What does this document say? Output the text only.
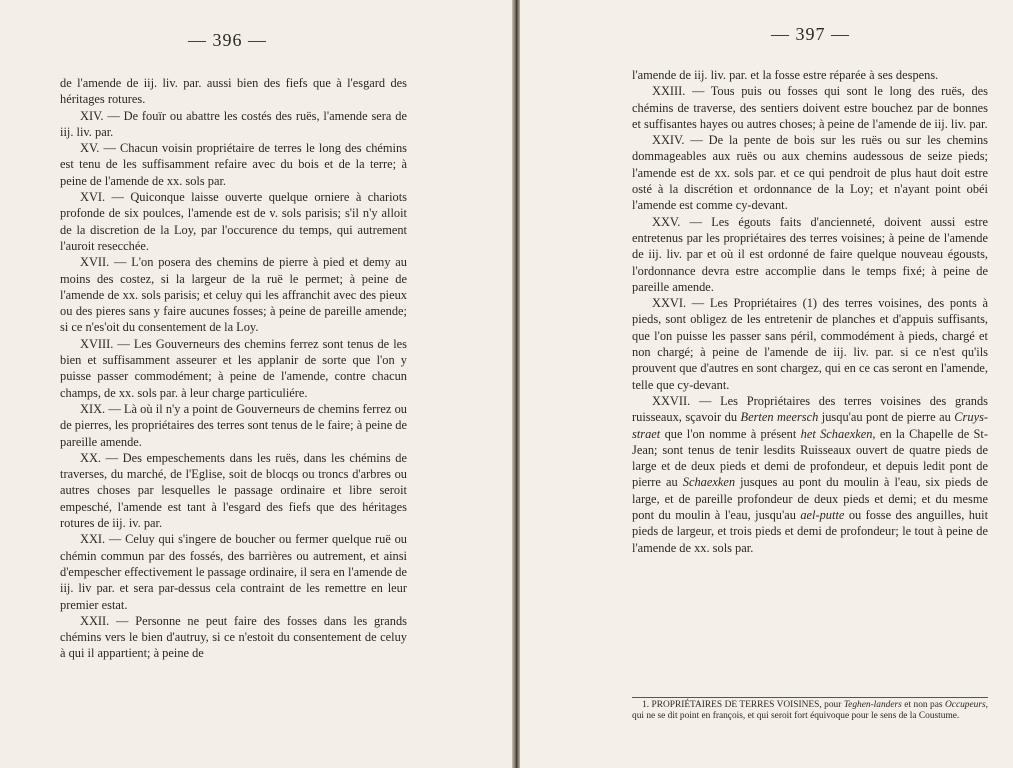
— 396 —

de l'amende de iij. liv. par. aussi bien des fiefs que à l'esgard des héritages rotures.

XIV. — De fouïr ou abattre les costés des ruës, l'amende sera de iij. liv. par.

XV. — Chacun voisin propriétaire de terres le long des chémins est tenu de les suffisamment refaire avec du bois et de la terre; à peine de l'amende de xx. sols par.

XVI. — Quiconque laisse ouverte quelque orniere à chariots profonde de six poulces, l'amende est de v. sols parisis; s'il n'y alloit de la discretion de la Loy, par l'occurence du temps, qui autrement l'auroit resecchée.

XVII. — L'on posera des chemins de pierre à pied et demy au moins des costez, si la largeur de la ruë le permet; à peine de l'amende de xx. sols parisis; et celuy qui les affranchit avec des pieux ou des pieres sans y faire aucunes fosses; à peine de pareille amende; si ce n'es'oit du consentement de la Loy.

XVIII. — Les Gouverneurs des chemins ferrez sont tenus de les bien et suffisamment asseurer et les applanir de sorte que l'on y puisse passer commodément; à peine de l'amende, contre chacun champs, de xx. sols par. à leur charge particuliére.

XIX. — Là où il n'y a point de Gouverneurs de chemins ferrez ou de pierres, les propriétaires des terres sont tenus de le faire; à peine de pareille amende.

XX. — Des empeschements dans les ruës, dans les chémins de traverses, du marché, de l'Eglise, soit de blocqs ou troncs d'arbres ou autres choses par lesquelles le passage ordinaire et libre seroit empesché, l'amende est tant à l'esgard des fiefs que des héritages rotures de iij. iv. par.

XXI. — Celuy qui s'ingere de boucher ou fermer quelque ruë ou chémin commun par des fossés, des barrières ou autrement, et ainsi d'empescher effectivement le passage ordinaire, il sera en l'amende de iij. liv par. et sera par-dessus cela contraint de les remettre en leur premier estat.

XXII. — Personne ne peut faire des fosses dans les grands chémins vers le bien d'autruy, si ce n'estoit du consentement de celuy à qui il appartient; à peine de

— 397 —

l'amende de iij. liv. par. et la fosse estre réparée à ses despens.

XXIII. — Tous puis ou fosses qui sont le long des ruës, des chémins de traverse, des sentiers doivent estre bouchez par de bonnes et suffisantes hayes ou autres choses; à peine de l'amende de iij. liv. par.

XXIV. — De la pente de bois sur les ruës ou sur les chemins dommageables aux ruës ou aux chemins audessous de seize pieds; l'amende est de xx. sols par. et ce qui pendroit de plus haut doit estre osté à la discrétion et ordonnance de la Loy; et n'ayant point obéi l'amende est comme cy-devant.

XXV. — Les égouts faits d'ancienneté, doivent aussi estre entretenus par les propriétaires des terres voisines; à peine de l'amende de iij. liv. par et où il est ordonné de faire quelque nouveau égousts, l'ordonnance devra estre accomplie dans le temps fixé; à peine de pareille amende.

XXVI. — Les Propriétaires (1) des terres voisines, des ponts à pieds, sont obligez de les entretenir de planches et d'appuis suffisants, que l'on puisse les passer sans péril, commodément à pieds, chargé et non chargé; à peine de l'amende de iij. liv. par. si ce n'est qu'ils prouvent que d'autres en sont chargez, qui en ce cas seront en l'amende, telle que cy-devant.

XXVII. — Les Propriétaires des terres voisines des grands ruisseaux, sçavoir du Berten meersch jusqu'au pont de pierre au Cruys-straet que l'on nomme à présent het Schaexken, en la Chapelle de St-Jean; sont tenus de tenir lesdits Ruisseaux ouvert de quatre pieds de large et de deux pieds et demi de profondeur, et depuis ledit pont de pierre au Schaexken jusques au pont du moulin à l'eau, six pieds de large, et de pareille profondeur de deux pieds et demi; et du mesme pont du moulin à l'eau, jusqu'au ael-putte ou fosse des anguilles, huit pieds de largeur, et trois pieds et demi de profondeur; le tout à peine de l'amende de xx. sols par.

1. PROPRIÉTAIRES DE TERRES VOISINES, pour Teghen-landers et non pas Occupeurs, qui ne se dit point en françois, et qui seroit fort équivoque pour le sens de la Coustume.
